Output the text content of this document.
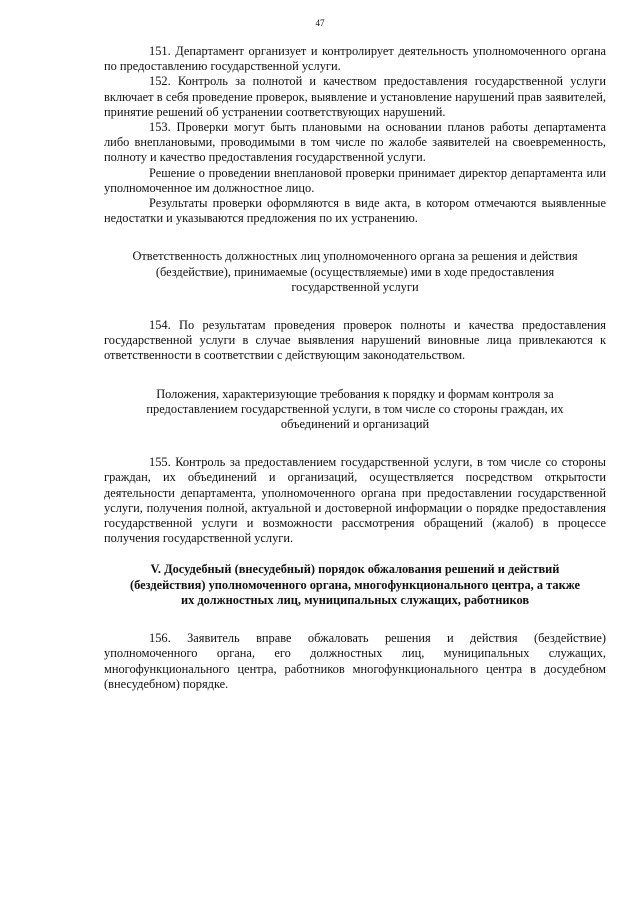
47

151. Департамент организует и контролирует деятельность уполномоченного органа по предоставлению государственной услуги.

152. Контроль за полнотой и качеством предоставления государственной услуги включает в себя проведение проверок, выявление и установление нарушений прав заявителей, принятие решений об устранении соответствующих нарушений.

153. Проверки могут быть плановыми на основании планов работы департамента либо внеплановыми, проводимыми в том числе по жалобе заявителей на своевременность, полноту и качество предоставления государственной услуги.

Решение о проведении внеплановой проверки принимает директор департамента или уполномоченное им должностное лицо.

Результаты проверки оформляются в виде акта, в котором отмечаются выявленные недостатки и указываются предложения по их устранению.

Ответственность должностных лиц уполномоченного органа за решения и действия (бездействие), принимаемые (осуществляемые) ими в ходе предоставления государственной услуги

154. По результатам проведения проверок полноты и качества предоставления государственной услуги в случае выявления нарушений виновные лица привлекаются к ответственности в соответствии с действующим законодательством.

Положения, характеризующие требования к порядку и формам контроля за предоставлением государственной услуги, в том числе со стороны граждан, их объединений и организаций

155. Контроль за предоставлением государственной услуги, в том числе со стороны граждан, их объединений и организаций, осуществляется посредством открытости деятельности департамента, уполномоченного органа при предоставлении государственной услуги, получения полной, актуальной и достоверной информации о порядке предоставления государственной услуги и возможности рассмотрения обращений (жалоб) в процессе получения государственной услуги.

V. Досудебный (внесудебный) порядок обжалования решений и действий (бездействия) уполномоченного органа, многофункционального центра, а также их должностных лиц, муниципальных служащих, работников

156. Заявитель вправе обжаловать решения и действия (бездействие) уполномоченного органа, его должностных лиц, муниципальных служащих, многофункционального центра, работников многофункционального центра в досудебном (внесудебном) порядке.
